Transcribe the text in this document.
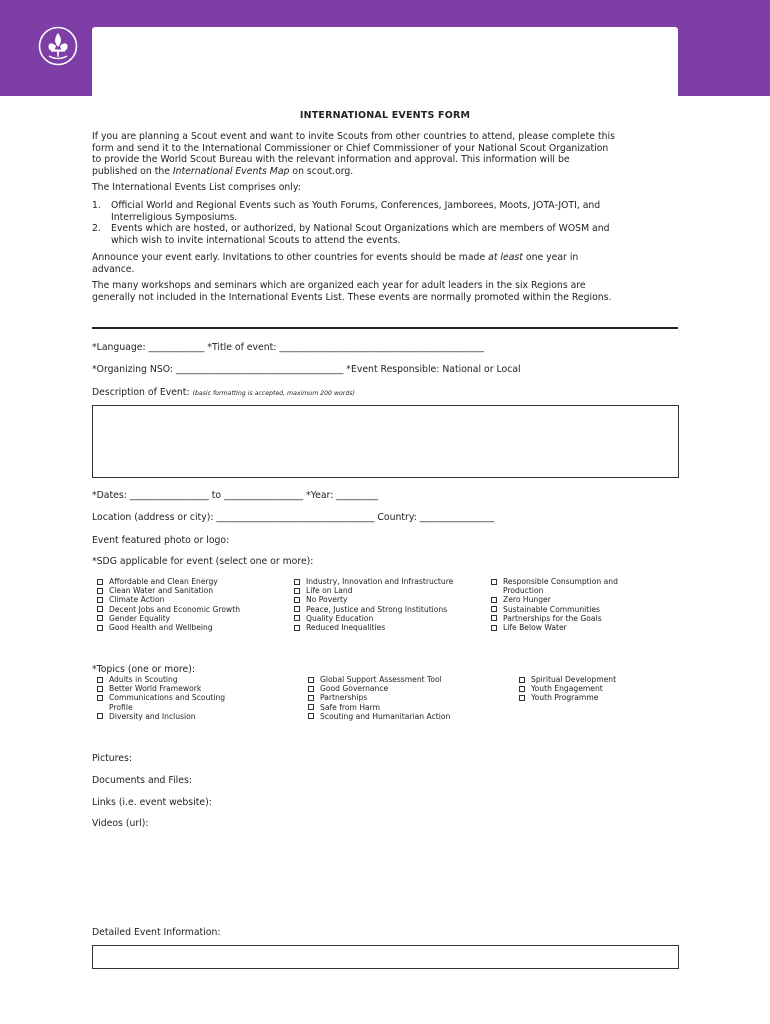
INTERNATIONAL EVENTS FORM
If you are planning a Scout event and want to invite Scouts from other countries to attend, please complete this
form and send it to the International Commissioner or Chief Commissioner of your National Scout Organization
to provide the World Scout Bureau with the relevant information and approval. This information will be
published on the International Events Map on scout.org.
The International Events List comprises only:
1.	Official World and Regional Events such as Youth Forums, Conferences, Jamborees, Moots, JOTA-JOTI, and
Interreligious Symposiums.
2.	Events which are hosted, or authorized, by National Scout Organizations which are members of WOSM and
which wish to invite international Scouts to attend the events.
Announce your event early. Invitations to other countries for events should be made at least one year in
advance.
The many workshops and seminars which are organized each year for adult leaders in the six Regions are
generally not included in the International Events List. These events are normally promoted within the Regions.
*Language: ____________ *Title of event: ____________________________________________
*Organizing NSO: ____________________________________ *Event Responsible: National or Local
Description of Event: (basic formatting is accepted, maximum 200 words)
*Dates: _________________ to _________________ *Year: _________
Location (address or city): __________________________________ Country: ________________
Event featured photo or logo:
*SDG applicable for event (select one or more):
Affordable and Clean Energy
Clean Water and Sanitation
Climate Action
Decent Jobs and Economic Growth
Gender Equality
Good Health and Wellbeing
Industry, Innovation and Infrastructure
Life on Land
No Poverty
Peace, Justice and Strong Institutions
Quality Education
Reduced Inequalities
Responsible Consumption and
Production
Zero Hunger
Sustainable Communities
Partnerships for the Goals
Life Below Water
*Topics (one or more):
Adults in Scouting
Better World Framework
Communications and Scouting
Profile
Diversity and Inclusion
Global Support Assessment Tool
Good Governance
Partnerships
Safe from Harm
Scouting and Humanitarian Action
Spiritual Development
Youth Engagement
Youth Programme
Pictures:
Documents and Files:
Links (i.e. event website):
Videos (url):
Detailed Event Information:
